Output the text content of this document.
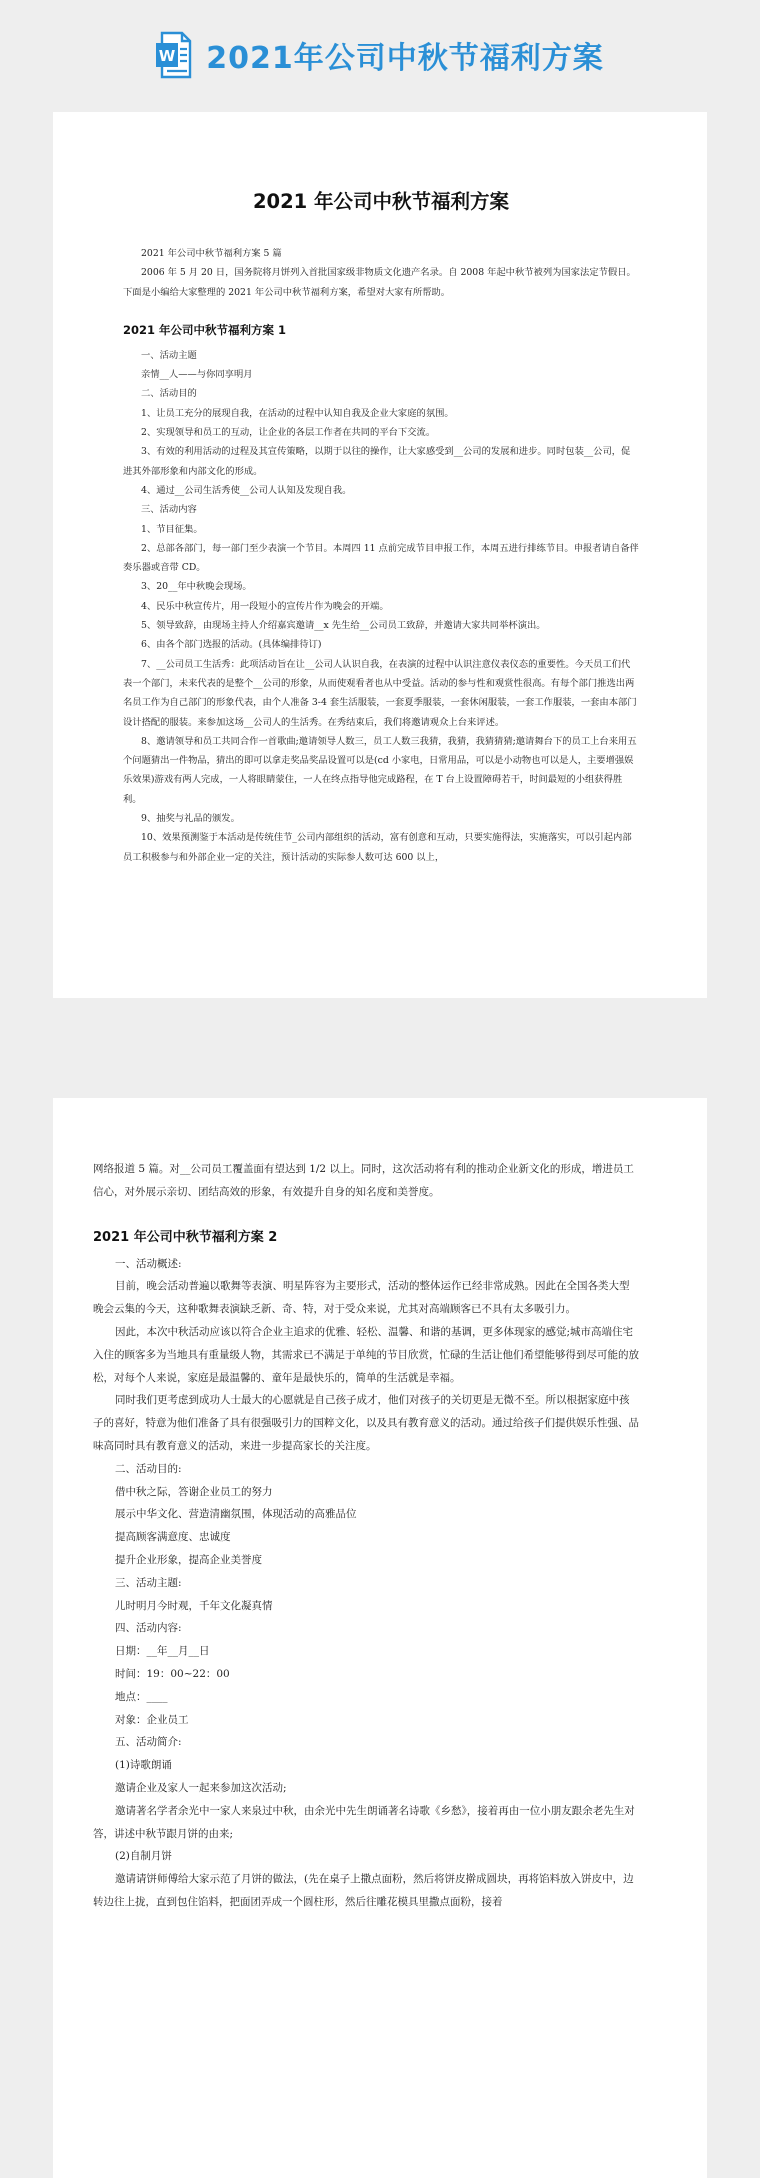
W 2021年公司中秋节福利方案
2021 年公司中秋节福利方案

2021 年公司中秋节福利方案 5 篇

2006 年 5 月 20 日，国务院将月饼列入首批国家级非物质文化遗产名录。自 2008 年起中秋节被列为国家法定节假日。下面是小编给大家整理的 2021 年公司中秋节福利方案，希望对大家有所帮助。

2021 年公司中秋节福利方案 1

一、活动主题

亲情__人——与你同享明月

二、活动目的

1、让员工充分的展现自我，在活动的过程中认知自我及企业大家庭的氛围。

2、实现领导和员工的互动，让企业的各层工作者在共同的平台下交流。

3、有效的利用活动的过程及其宣传策略，以期于以往的操作，让大家感受到__公司的发展和进步。同时包装__公司，促进其外部形象和内部文化的形成。

4、通过__公司生活秀使__公司人认知及发现自我。

三、活动内容

1、节目征集。

2、总部各部门，每一部门至少表演一个节目。本周四 11 点前完成节目申报工作，本周五进行排练节目。申报者请自备伴奏乐器或音带 CD。

3、20__年中秋晚会现场。

4、民乐中秋宣传片，用一段短小的宣传片作为晚会的开端。

5、领导致辞，由现场主持人介绍嘉宾邀请__x 先生给__公司员工致辞，并邀请大家共同举杯演出。

6、由各个部门选报的活动。(具体编排待订)

7、__公司员工生活秀：此项活动旨在让__公司人认识自我，在表演的过程中认识注意仪表仪态的重要性。今天员工们代表一个部门，未来代表的是整个__公司的形象，从而使观看者也从中受益。活动的参与性和观赏性很高。有每个部门推选出两名员工作为自己部门的形象代表，由个人准备 3-4 套生活服装，一套夏季服装，一套休闲服装，一套工作服装，一套由本部门设计搭配的服装。来参加这场__公司人的生活秀。在秀结束后，我们将邀请观众上台来评述。

8、邀请领导和员工共同合作一首歌曲;邀请领导人数三，员工人数三我猜，我猜，我猜猜猜;邀请舞台下的员工上台来用五个问题猜出一件物品，猜出的即可以拿走奖品奖品设置可以是(cd 小家电，日常用品，可以是小动物也可以是人，主要增强娱乐效果)游戏有两人完成，一人将眼睛蒙住，一人在终点指导他完成路程，在 T 台上设置障碍若干，时间最短的小组获得胜利。

9、抽奖与礼品的颁发。

10、效果预测鉴于本活动是传统佳节_公司内部组织的活动，富有创意和互动，只要实施得法，实施落实，可以引起内部员工积极参与和外部企业一定的关注，预计活动的实际参人数可达 600 以上，

网络报道 5 篇。对__公司员工覆盖面有望达到 1/2 以上。同时，这次活动将有利的推动企业新文化的形成，增进员工信心，对外展示亲切、团结高效的形象，有效提升自身的知名度和美誉度。

2021 年公司中秋节福利方案 2

一、活动概述:

目前，晚会活动普遍以歌舞等表演、明星阵容为主要形式，活动的整体运作已经非常成熟。因此在全国各类大型晚会云集的今天，这种歌舞表演缺乏新、奇、特，对于受众来说，尤其对高端顾客已不具有太多吸引力。

因此，本次中秋活动应该以符合企业主追求的优雅、轻松、温馨、和谐的基调，更多体现家的感觉;城市高端住宅入住的顾客多为当地具有重量级人物，其需求已不满足于单纯的节目欣赏，忙碌的生活让他们希望能够得到尽可能的放松，对每个人来说，家庭是最温馨的、童年是最快乐的，简单的生活就是幸福。

同时我们更考虑到成功人士最大的心愿就是自己孩子成才，他们对孩子的关切更是无微不至。所以根据家庭中孩子的喜好，特意为他们准备了具有很强吸引力的国粹文化，以及具有教育意义的活动。通过给孩子们提供娱乐性强、品味高同时具有教育意义的活动，来进一步提高家长的关注度。

二、活动目的:

借中秋之际，答谢企业员工的努力

展示中华文化、营造清幽氛围，体现活动的高雅品位

提高顾客满意度、忠诚度

提升企业形象，提高企业美誉度

三、活动主题:

儿时明月今时观，千年文化凝真情

四、活动内容:

日期：__年__月__日

时间：19：00~22：00

地点：____

对象：企业员工

五、活动简介:

(1)诗歌朗诵

邀请企业及家人一起来参加这次活动;

邀请著名学者余光中一家人来泉过中秋，由余光中先生朗诵著名诗歌《乡愁》，接着再由一位小朋友跟余老先生对答，讲述中秋节跟月饼的由来;

(2)自制月饼

邀请请饼师傅给大家示范了月饼的做法，(先在桌子上撒点面粉，然后将饼皮擀成圆块，再将馅料放入饼皮中，边转边往上拢，直到包住馅料，把面团弄成一个圆柱形，然后往雕花模具里撒点面粉，接着
